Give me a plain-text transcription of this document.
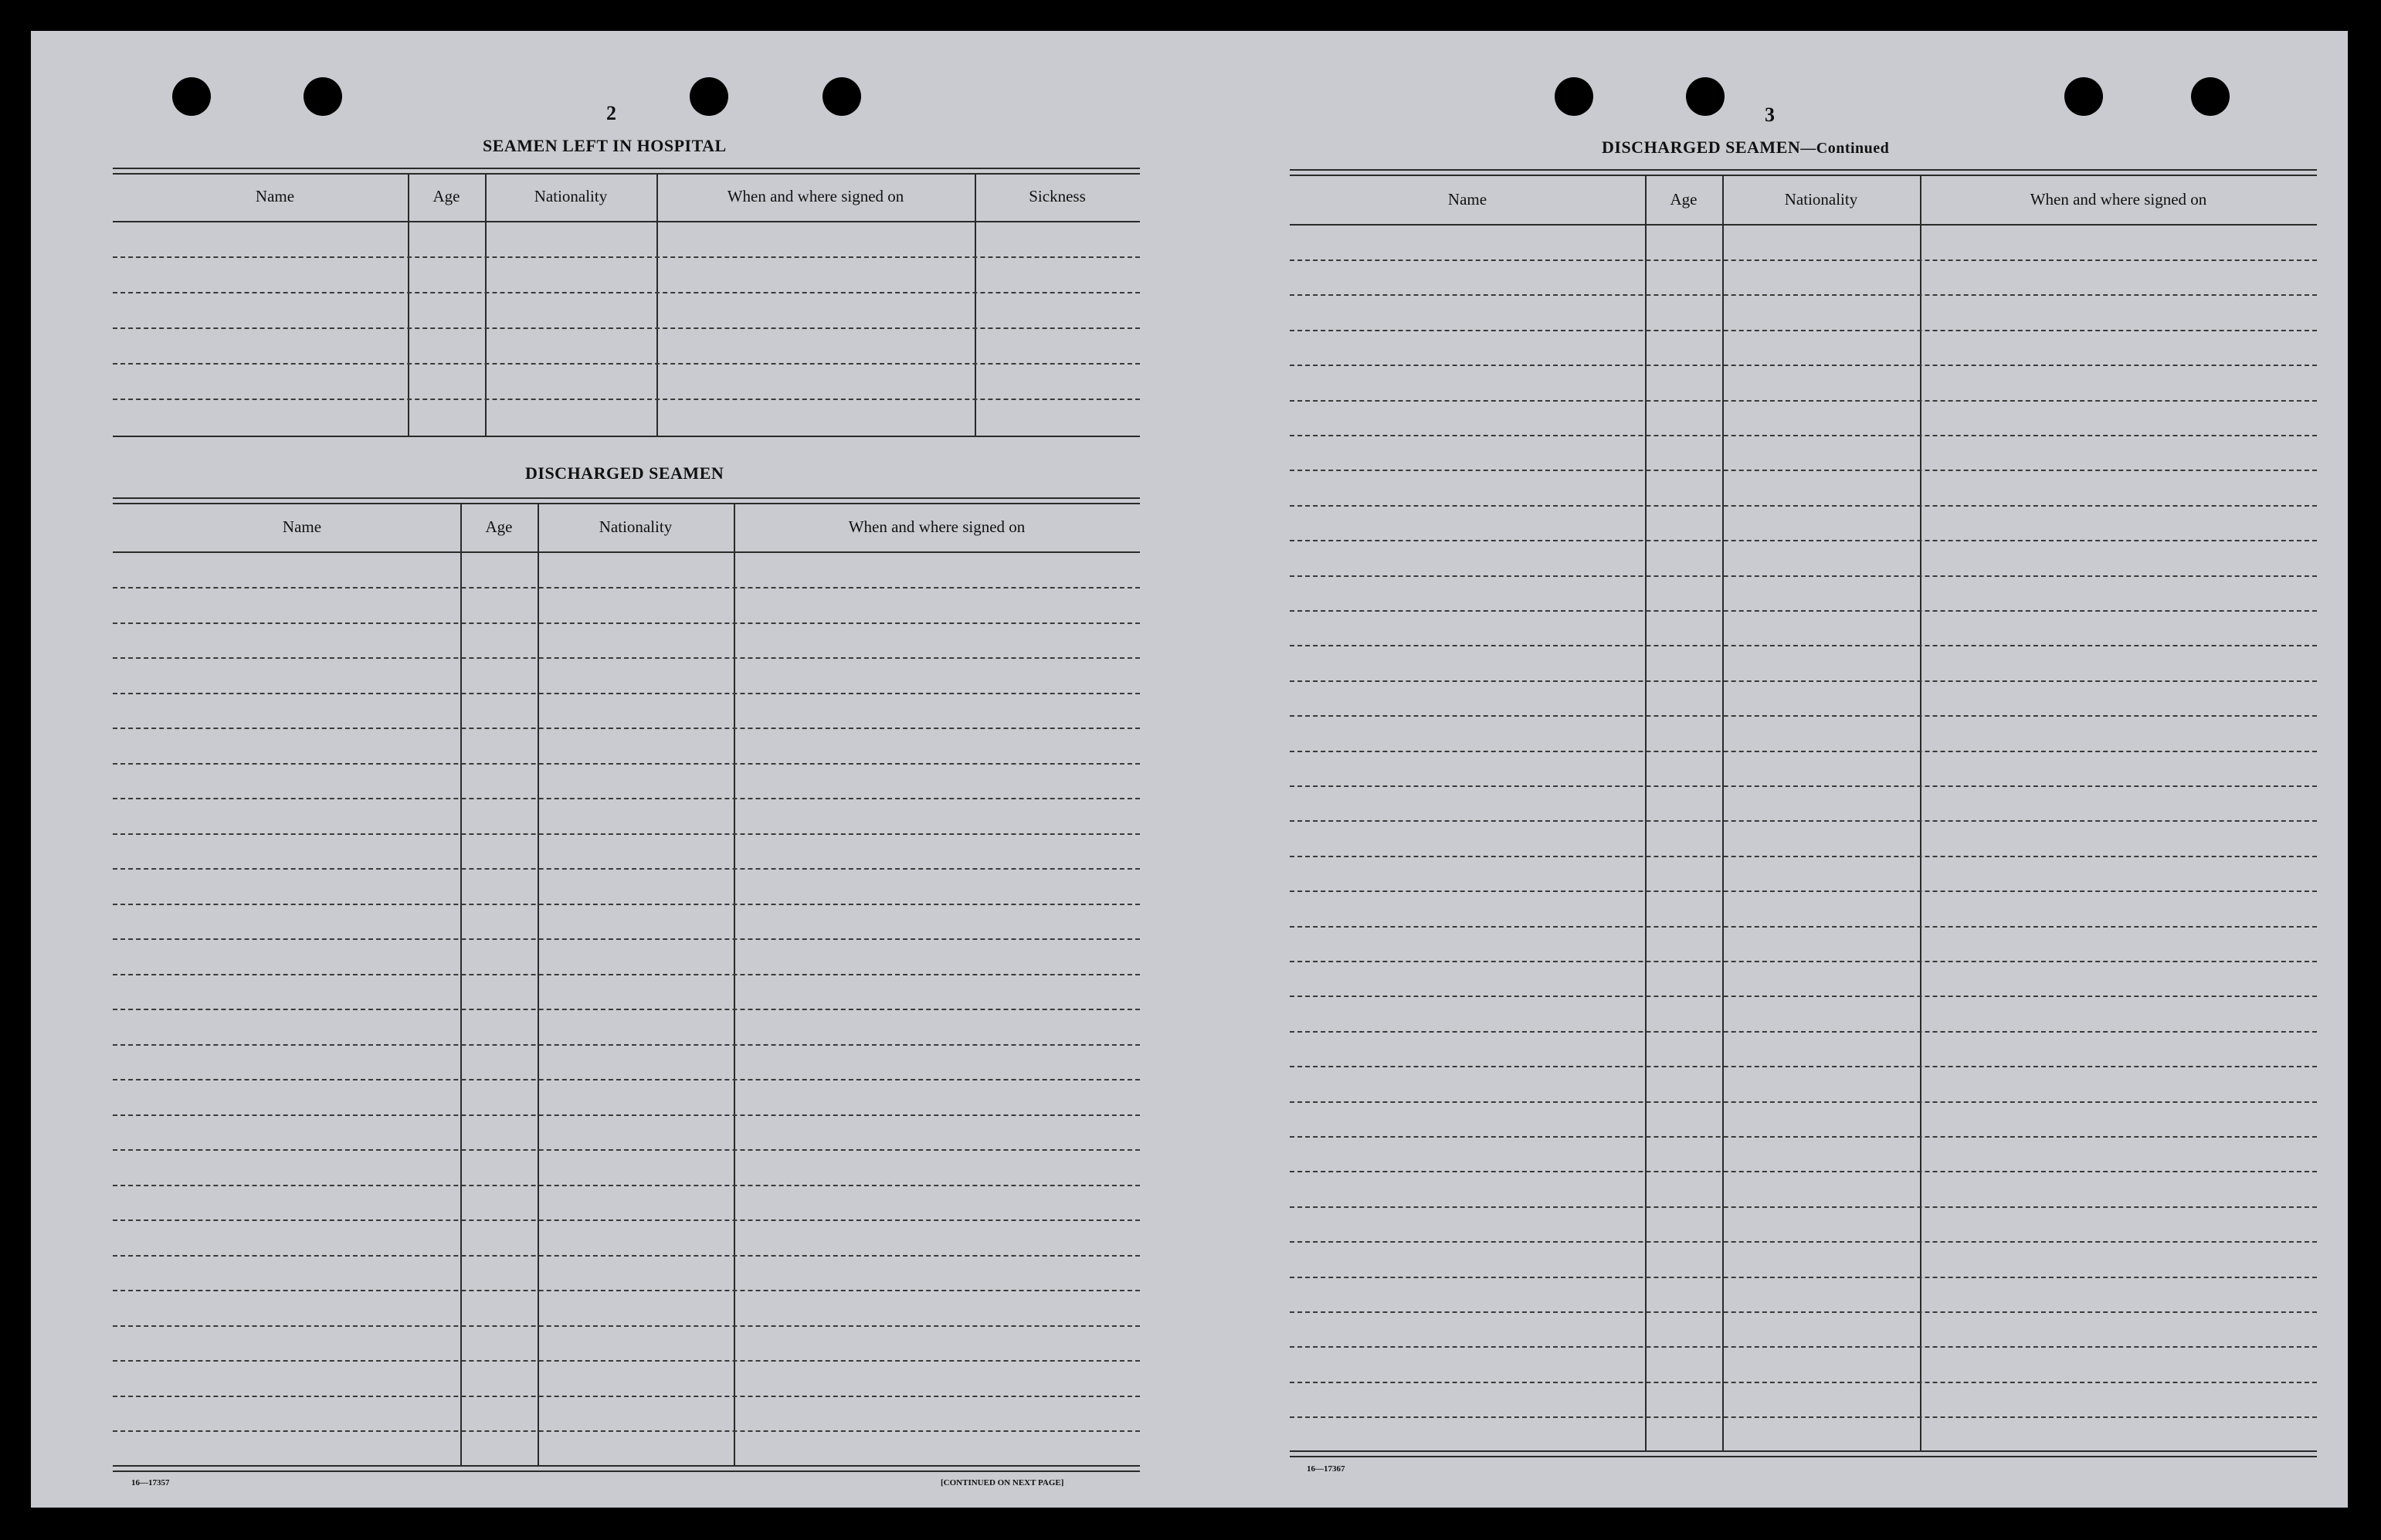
2
SEAMEN LEFT IN HOSPITAL
Name	Age	Nationality	When and where signed on	Sickness
DISCHARGED SEAMEN
Name	Age	Nationality	When and where signed on
16—17357	[CONTINUED ON NEXT PAGE]
3
DISCHARGED SEAMEN—Continued
Name	Age	Nationality	When and where signed on
16—17367
